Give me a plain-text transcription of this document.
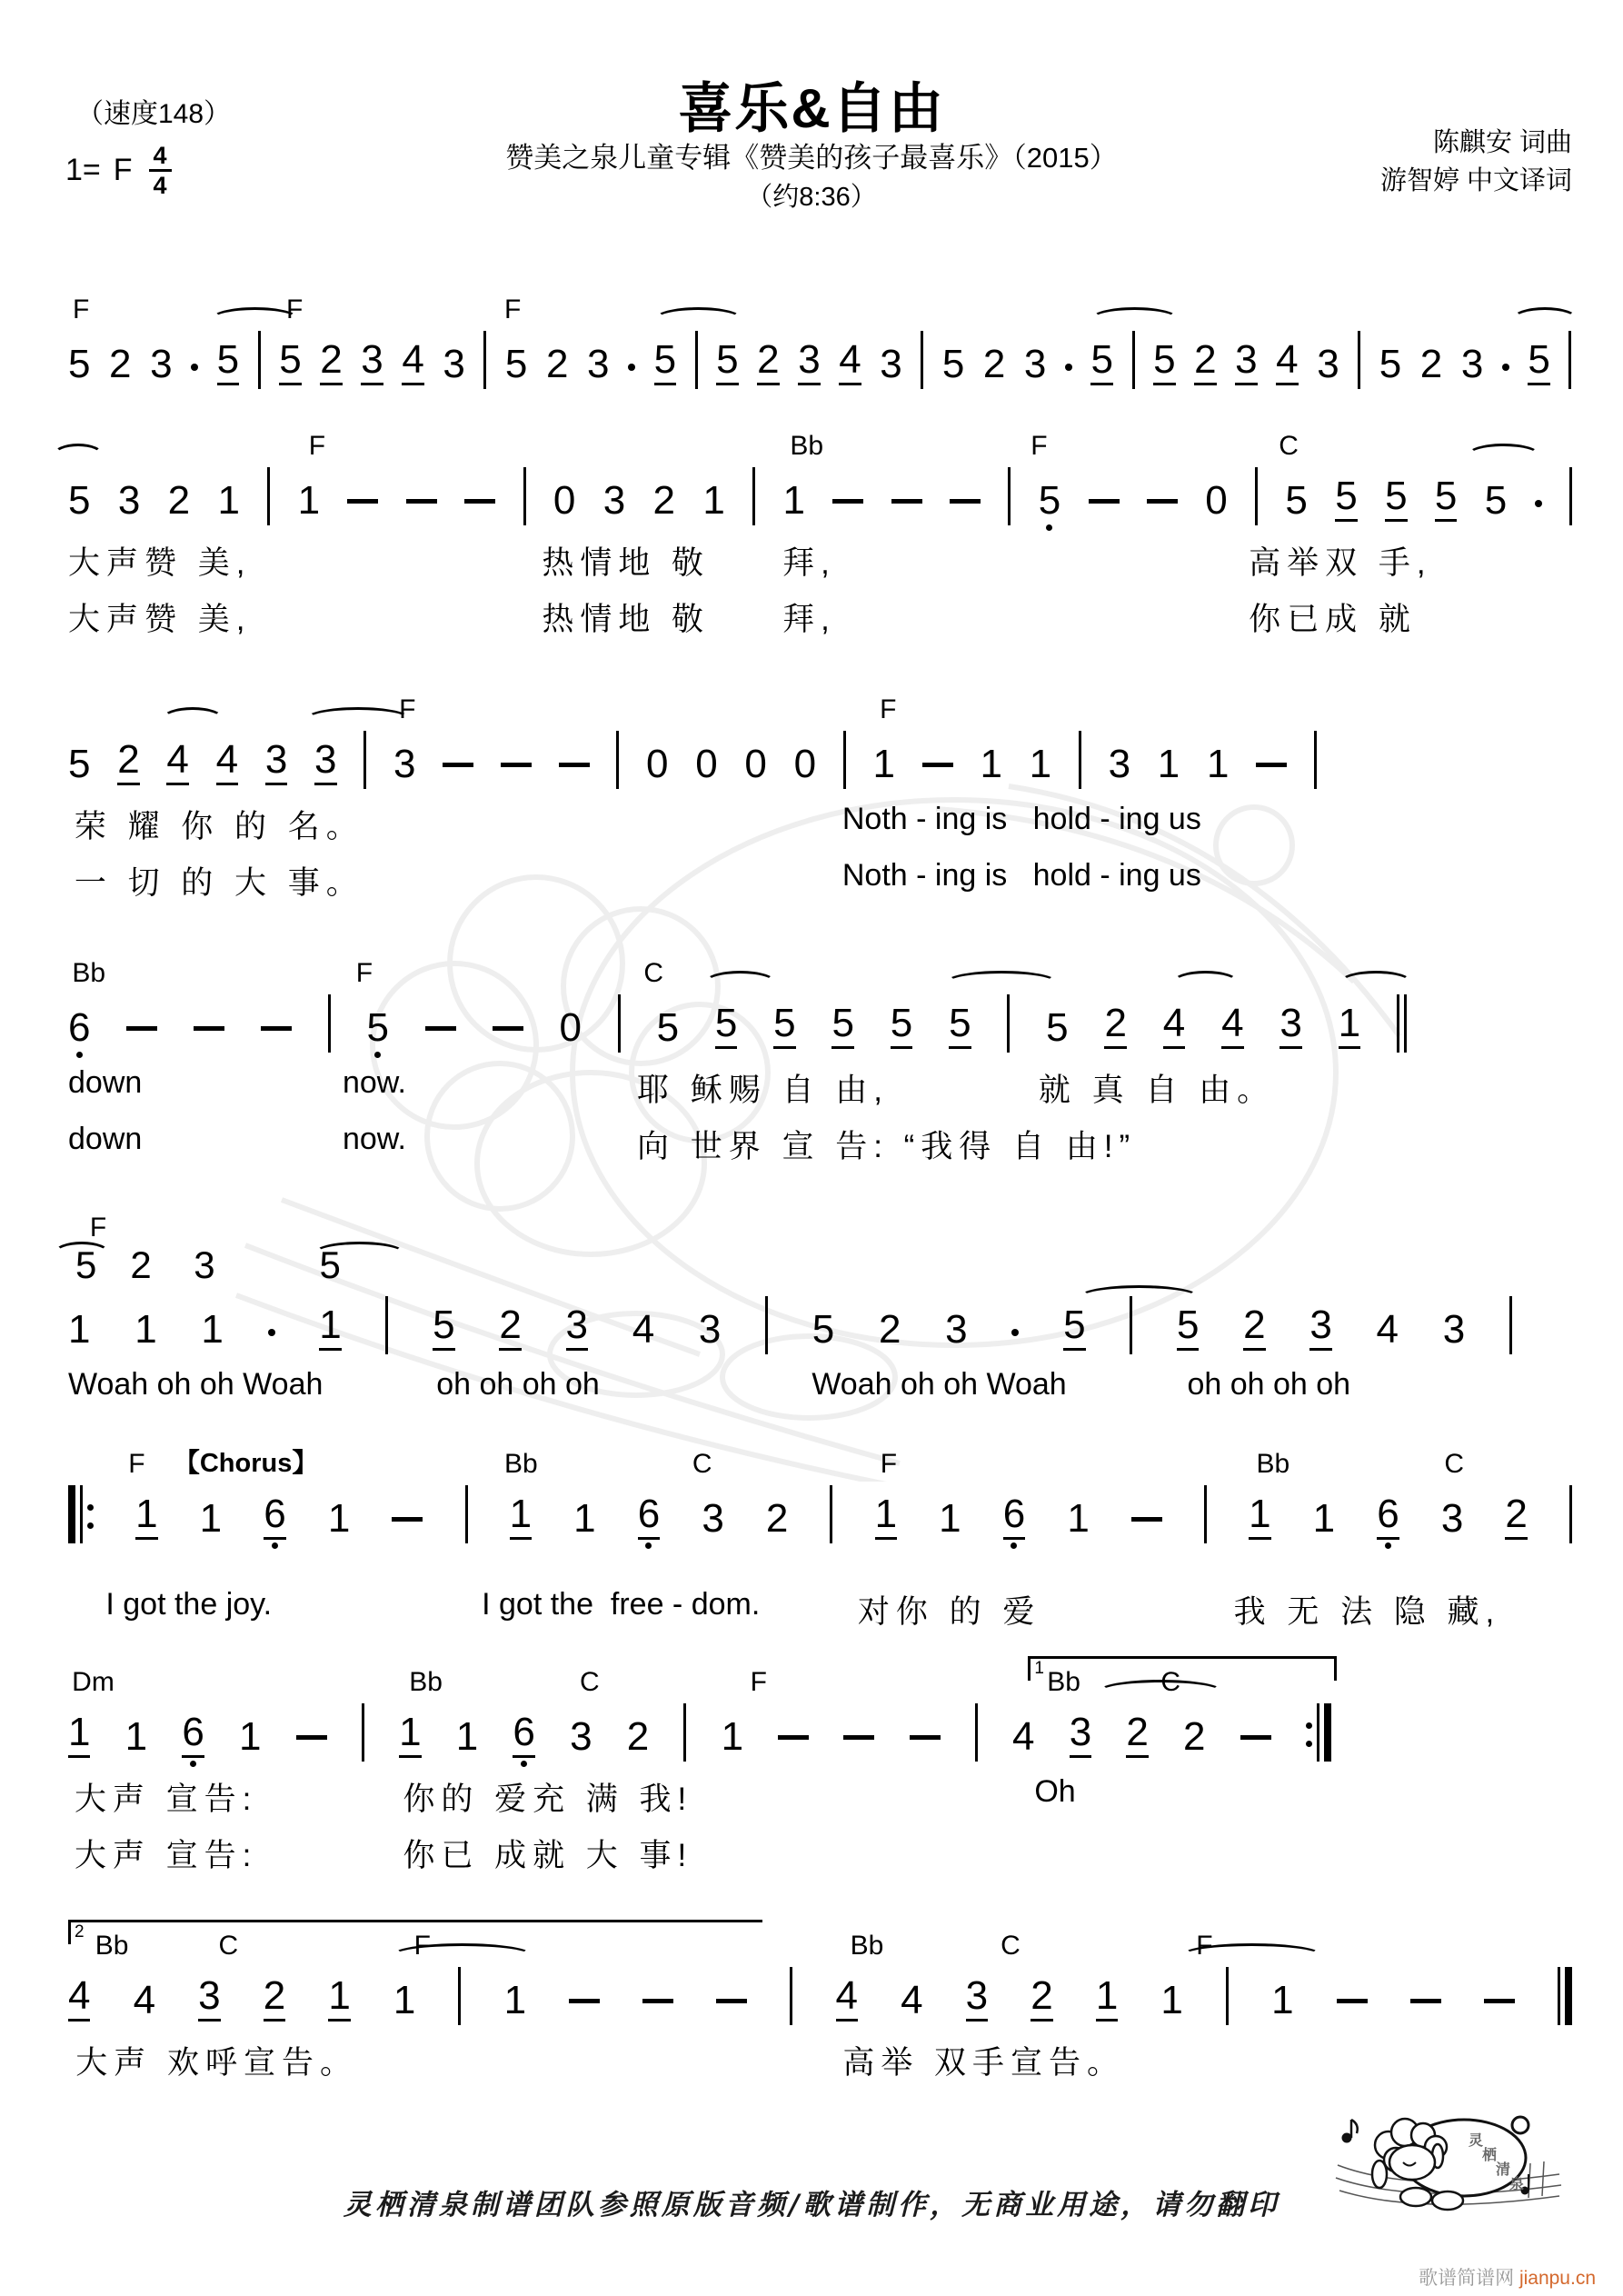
（速度148）
1= F $\frac{4}{4}$
喜乐&自由
赞美之泉儿童专辑《赞美的孩子最喜乐》（2015）
（约8:36）
陈麒安 词曲
游智婷 中文译词
F	F	F
5 2 3 5 5 2 3 4 3 5 2 3 5 5 2 3 4 3 5 2 3 5 5 2 3 4 3 5 2 3 5
F	Bb	F	C
5 3 2 1 1	0 3 2 1 1	5	0 5 5 5 5 5
大声赞 美,	热情地 敬 拜,	高举双 手,
大声赞 美,	热情地 敬 拜,	你已成 就
F	F
5 2 4 4 3 3 3	0 0 0 0 1 1 1 3 1 1
荣 耀 你 的 名。	Noth - ing is   hold - ing us
一 切 的 大 事。	Noth - ing is   hold - ing us
Bb	F	C
6	5	0 5 5 5 5 5 5 5 2 4 4 3 1
down	now.	耶 稣赐 自 由,	就 真 自 由。
down	now.	向 世界 宣 告: “我得 自 由!”
F
5 2 3	5
1 1 1 1 5 2 3 4 3 5 2 3 5 5 2 3 4 3
Woah oh oh Woah	oh oh oh oh	Woah oh oh Woah	oh oh oh oh
F 【Chorus】	Bb	C	F	Bb	C
1 1 6 1	1 1 6 3 2 1 1 6 1	1 1 6 3 2
I got the joy.	I got the  free - dom.	对你 的 爱	我 无 法 隐 藏,
1
Dm	Bb	C	F	Bb	C
1 1 6 1	1 1 6 3 2 1	4 3 2 2
大声 宣告:	你的 爱充 满 我!	Oh
大声 宣告:	你已 成就 大 事!
2 Bb	C	F	Bb	C	F
4 4 3 2 1 1 1	4 4 3 2 1 1 1
大声 欢呼宣告。	高举 双手宣告。
灵栖清泉制谱团队参照原版音频/歌谱制作，无商业用途，请勿翻印
灵
栖
清
泉
歌谱简谱网 jianpu.cn
